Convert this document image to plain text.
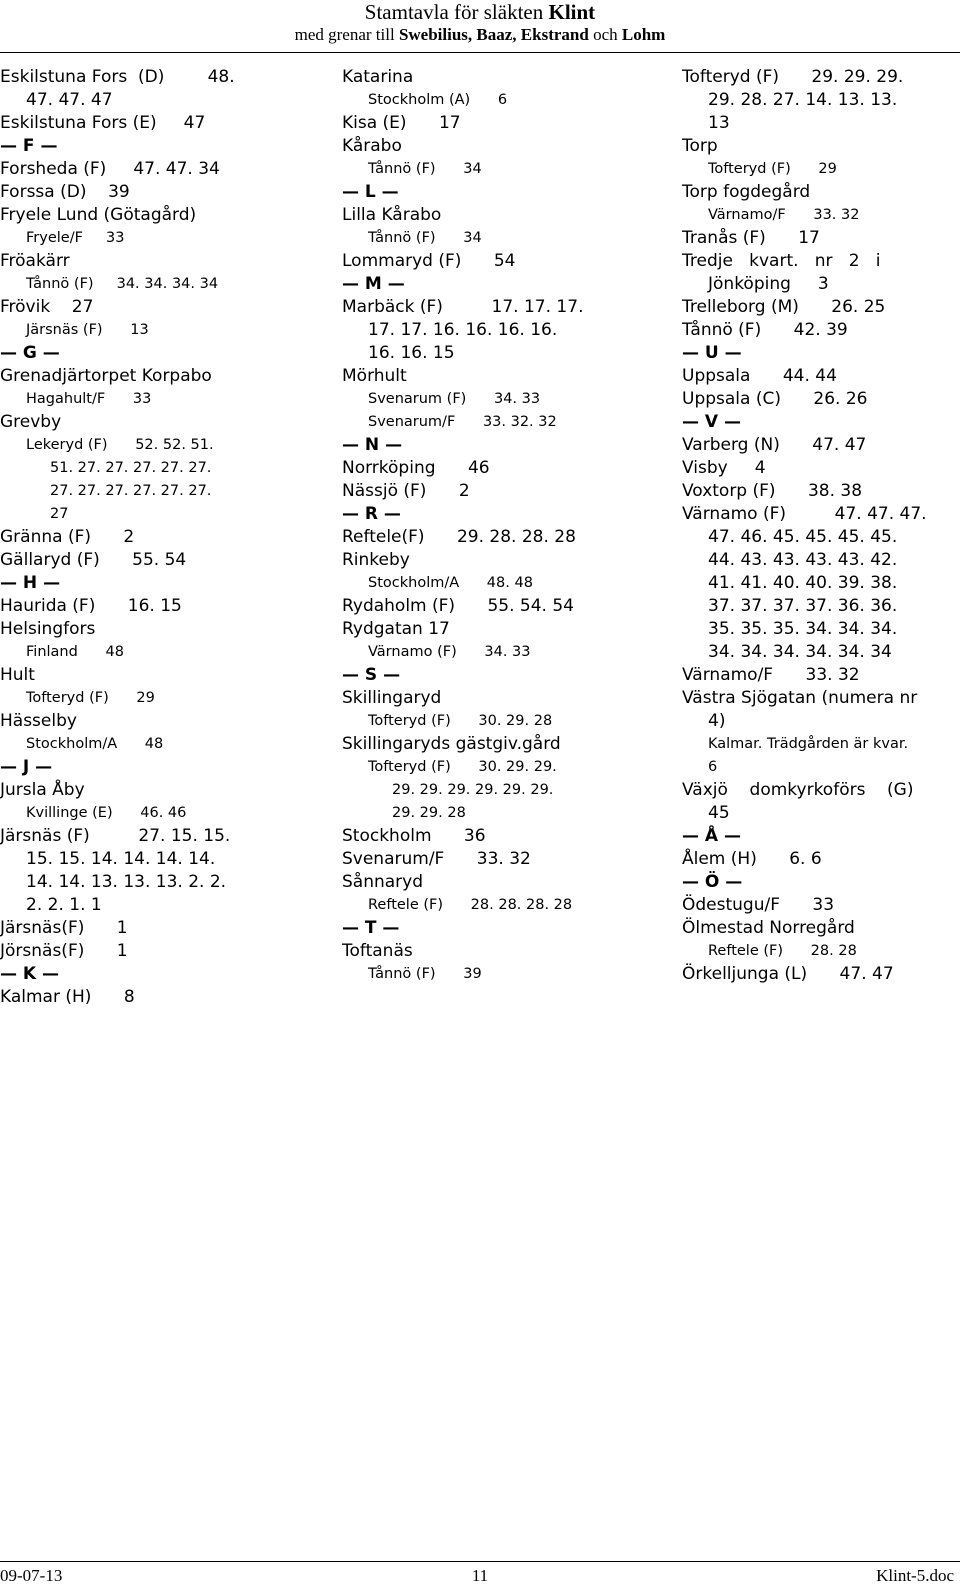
Stamtavla för släkten Klint
med grenar till Swebilius, Baaz, Ekstrand och Lohm
Eskilstuna Fors  (D)        48.
47. 47. 47
Eskilstuna Fors (E)     47
— F —
Forsheda (F)     47. 47. 34
Forssa (D)    39
Fryele Lund (Götagård)
Fryele/F     33
Fröakärr
Tånnö (F)     34. 34. 34. 34
Frövik    27
Järsnäs (F)      13
— G —
Grenadjärtorpet Korpabo
Hagahult/F      33
Grevby
Lekeryd (F)      52. 52. 51.
51. 27. 27. 27. 27. 27.
27. 27. 27. 27. 27. 27.
27
Gränna (F)      2
Gällaryd (F)      55. 54
— H —
Haurida (F)      16. 15
Helsingfors
Finland      48
Hult
Tofteryd (F)      29
Hässelby
Stockholm/A      48
— J —
Jursla Åby
Kvillinge (E)      46. 46
Järsnäs (F)         27. 15. 15.
15. 15. 14. 14. 14. 14.
14. 14. 13. 13. 13. 2. 2.
2. 2. 1. 1
Järsnäs(F)      1
Jörsnäs(F)      1
— K —
Kalmar (H)      8
Katarina
Stockholm (A)      6
Kisa (E)      17
Kårabo
Tånnö (F)      34
— L —
Lilla Kårabo
Tånnö (F)      34
Lommaryd (F)      54
— M —
Marbäck (F)         17. 17. 17.
17. 17. 16. 16. 16. 16.
16. 16. 15
Mörhult
Svenarum (F)      34. 33
Svenarum/F      33. 32. 32
— N —
Norrköping      46
Nässjö (F)      2
— R —
Reftele(F)      29. 28. 28. 28
Rinkeby
Stockholm/A      48. 48
Rydaholm (F)      55. 54. 54
Rydgatan 17
Värnamo (F)      34. 33
— S —
Skillingaryd
Tofteryd (F)      30. 29. 28
Skillingaryds gästgiv.gård
Tofteryd (F)      30. 29. 29.
29. 29. 29. 29. 29. 29.
29. 29. 28
Stockholm      36
Svenarum/F      33. 32
Sånnaryd
Reftele (F)      28. 28. 28. 28
— T —
Toftanäs
Tånnö (F)      39
Tofteryd (F)      29. 29. 29.
29. 28. 27. 14. 13. 13.
13
Torp
Tofteryd (F)      29
Torp fogdegård
Värnamo/F      33. 32
Tranås (F)      17
Tredje   kvart.   nr   2   i
Jönköping     3
Trelleborg (M)      26. 25
Tånnö (F)      42. 39
— U —
Uppsala      44. 44
Uppsala (C)      26. 26
— V —
Varberg (N)      47. 47
Visby     4
Voxtorp (F)      38. 38
Värnamo (F)         47. 47. 47.
47. 46. 45. 45. 45. 45.
44. 43. 43. 43. 43. 42.
41. 41. 40. 40. 39. 38.
37. 37. 37. 37. 36. 36.
35. 35. 35. 34. 34. 34.
34. 34. 34. 34. 34. 34
Värnamo/F      33. 32
Västra Sjögatan (numera nr
4)
Kalmar. Trädgården är kvar.
6
Växjö    domkyrkoförs    (G)
45
— Å —
Ålem (H)      6. 6
— Ö —
Ödestugu/F      33
Ölmestad Norregård
Reftele (F)      28. 28
Örkelljunga (L)      47. 47
09-07-13	11	Klint-5.doc
